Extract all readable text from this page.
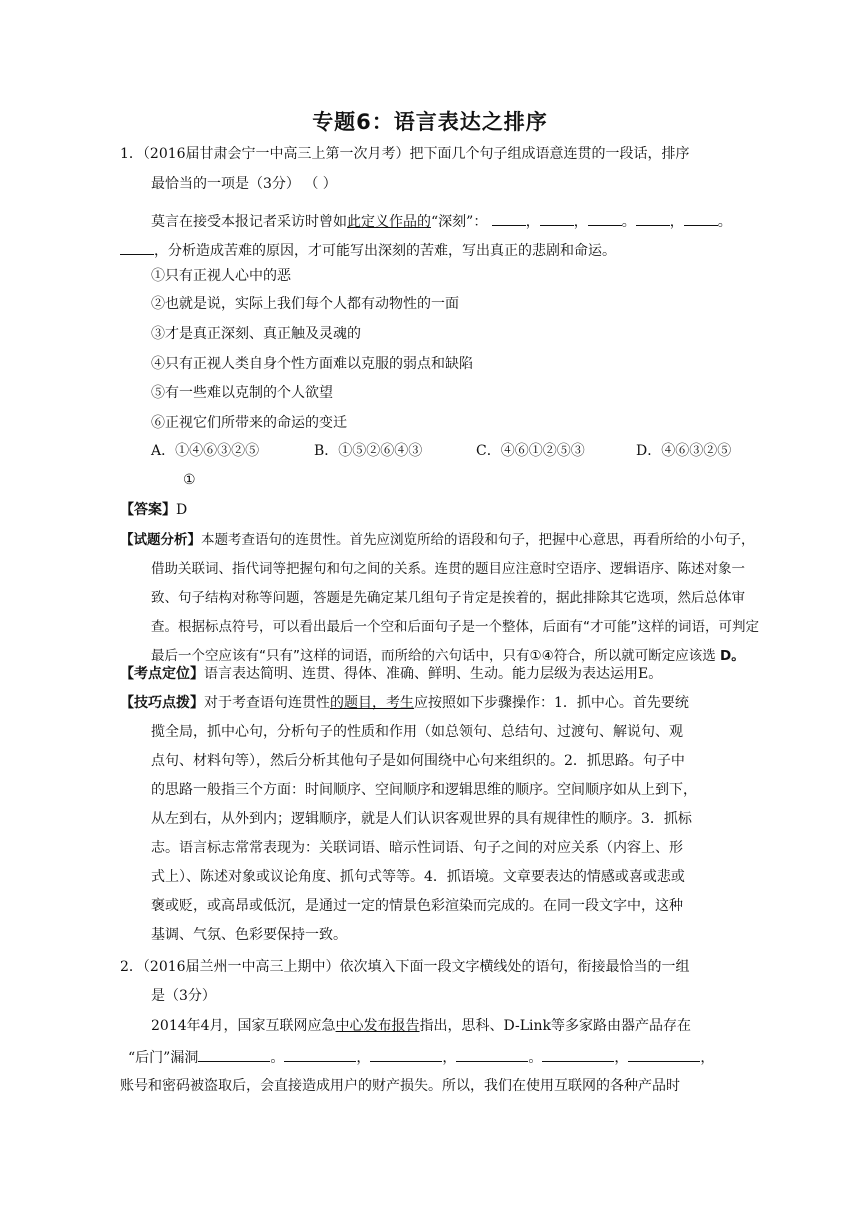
专题6：语言表达之排序
1．（2016届甘肃会宁一中高三上第一次月考）把下面几个句子组成语意连贯的一段话，排序
最恰当的一项是（3分） （ ）
莫言在接受本报记者采访时曾如此定义作品的“深刻”：	， ， 。 ， 。
，分析造成苦难的原因，才可能写出深刻的苦难，写出真正的悲剧和命运。
①只有正视人心中的恶
②也就是说，实际上我们每个人都有动物性的一面
③才是真正深刻、真正触及灵魂的
④只有正视人类自身个性方面难以克服的弱点和缺陷
⑤有一些难以克制的个人欲望
⑥正视它们所带来的命运的变迁
A．①④⑥③②⑤	B．①⑤②⑥④③	C．④⑥①②⑤③	D．④⑥③②⑤
①
【答案】D
【试题分析】本题考查语句的连贯性。首先应浏览所给的语段和句子，把握中心意思，再看所给的小句子，
借助关联词、指代词等把握句和句之间的关系。连贯的题目应注意时空语序、逻辑语序、陈述对象一
致、句子结构对称等问题，答题是先确定某几组句子肯定是挨着的，据此排除其它选项，然后总体审
查。根据标点符号，可以看出最后一个空和后面句子是一个整体，后面有“才可能”这样的词语，可判定
最后一个空应该有“只有”这样的词语，而所给的六句话中，只有①④符合，所以就可断定应该选 D。
【考点定位】语言表达简明、连贯、得体、准确、鲜明、生动。能力层级为表达运用E。
【技巧点拨】对于考查语句连贯性的题目，考生应按照如下步骤操作：1．抓中心。首先要统
揽全局，抓中心句，分析句子的性质和作用（如总领句、总结句、过渡句、解说句、观
点句、材料句等），然后分析其他句子是如何围绕中心句来组织的。2．抓思路。句子中
的思路一般指三个方面：时间顺序、空间顺序和逻辑思维的顺序。空间顺序如从上到下，
从左到右，从外到内；逻辑顺序，就是人们认识客观世界的具有规律性的顺序。3．抓标
志。语言标志常常表现为：关联词语、暗示性词语、句子之间的对应关系（内容上、形
式上）、陈述对象或议论角度、抓句式等等。4．抓语境。文章要表达的情感或喜或悲或
褒或贬，或高昂或低沉，是通过一定的情景色彩渲染而完成的。在同一段文字中，这种
基调、气氛、色彩要保持一致。
2．（2016届兰州一中高三上期中）依次填入下面一段文字横线处的语句，衔接最恰当的一组
是（3分）
2014年4月，国家互联网应急中心发布报告指出，思科、D-Link等多家路由器产品存在
“后门”漏洞	。	，	，	。	，	，
账号和密码被盗取后，会直接造成用户的财产损失。所以，我们在使用互联网的各种产品时
